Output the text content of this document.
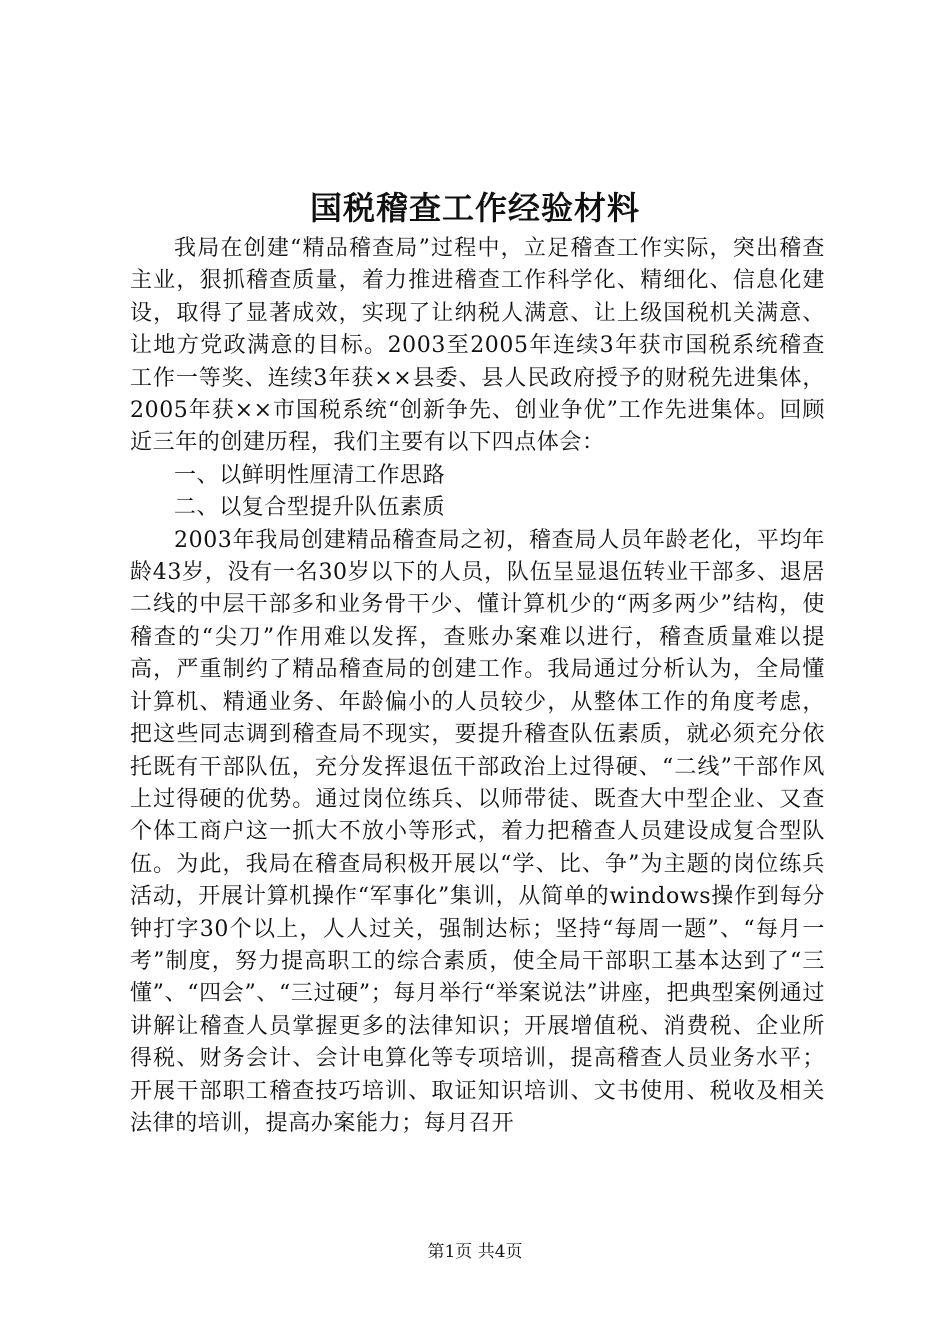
国税稽查工作经验材料

我局在创建“精品稽查局”过程中，立足稽查工作实际，突出稽查主业，狠抓稽查质量，着力推进稽查工作科学化、精细化、信息化建设，取得了显著成效，实现了让纳税人满意、让上级国税机关满意、让地方党政满意的目标。2003至2005年连续3年获市国税系统稽查工作一等奖、连续3年获××县委、县人民政府授予的财税先进集体，2005年获××市国税系统“创新争先、创业争优”工作先进集体。回顾近三年的创建历程，我们主要有以下四点体会：

一、以鲜明性厘清工作思路

二、以复合型提升队伍素质

2003年我局创建精品稽查局之初，稽查局人员年龄老化，平均年龄43岁，没有一名30岁以下的人员，队伍呈显退伍转业干部多、退居二线的中层干部多和业务骨干少、懂计算机少的“两多两少”结构，使稽查的“尖刀”作用难以发挥，查账办案难以进行，稽查质量难以提高，严重制约了精品稽查局的创建工作。我局通过分析认为，全局懂计算机、精通业务、年龄偏小的人员较少，从整体工作的角度考虑，把这些同志调到稽查局不现实，要提升稽查队伍素质，就必须充分依托既有干部队伍，充分发挥退伍干部政治上过得硬、“二线”干部作风上过得硬的优势。通过岗位练兵、以师带徒、既查大中型企业、又查个体工商户这一抓大不放小等形式，着力把稽查人员建设成复合型队伍。为此，我局在稽查局积极开展以“学、比、争”为主题的岗位练兵活动，开展计算机操作“军事化”集训，从简单的windows操作到每分钟打字30个以上，人人过关，强制达标；坚持“每周一题”、“每月一考”制度，努力提高职工的综合素质，使全局干部职工基本达到了“三懂”、“四会”、“三过硬”；每月举行“举案说法”讲座，把典型案例通过讲解让稽查人员掌握更多的法律知识；开展增值税、消费税、企业所得税、财务会计、会计电算化等专项培训，提高稽查人员业务水平；开展干部职工稽查技巧培训、取证知识培训、文书使用、税收及相关法律的培训，提高办案能力；每月召开

第1页 共4页
